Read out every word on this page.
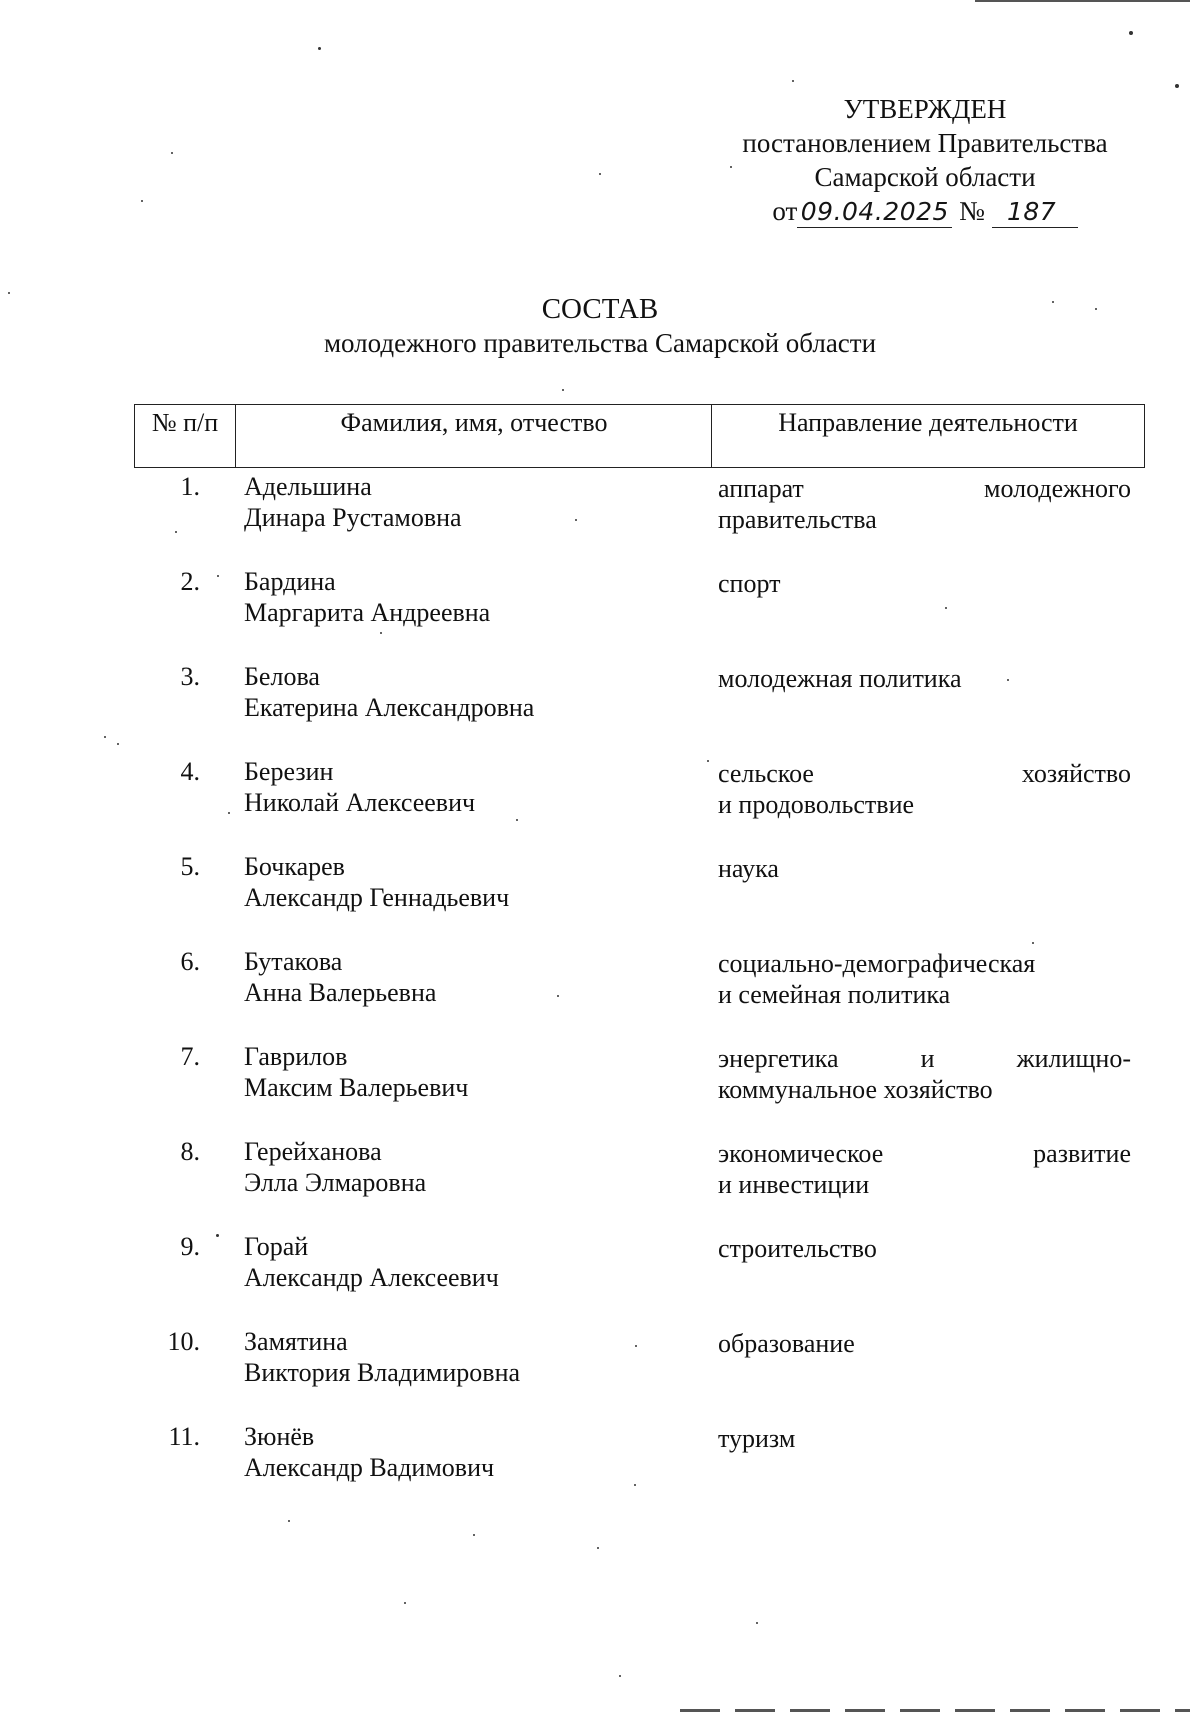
УТВЕРЖДЕН
постановлением Правительства
Самарской области
от 09.04.2025 № 187
СОСТАВ
молодежного правительства Самарской области
№ п/п	Фамилия, имя, отчество	Направление деятельности
1. Адельшина
Динара Рустамовна
аппарат молодежного
правительства
2. Бардина
Маргарита Андреевна
спорт
3. Белова
Екатерина Александровна
молодежная политика
4. Березин
Николай Алексеевич
сельское хозяйство
и продовольствие
5. Бочкарев
Александр Геннадьевич
наука
6. Бутакова
Анна Валерьевна
социально-демографическая
и семейная политика
7. Гаврилов
Максим Валерьевич
энергетика и жилищно-
коммунальное хозяйство
8. Герейханова
Элла Элмаровна
экономическое развитие
и инвестиции
9. Горай
Александр Алексеевич
строительство
10. Замятина
Виктория Владимировна
образование
11. Зюнёв
Александр Вадимович
туризм
